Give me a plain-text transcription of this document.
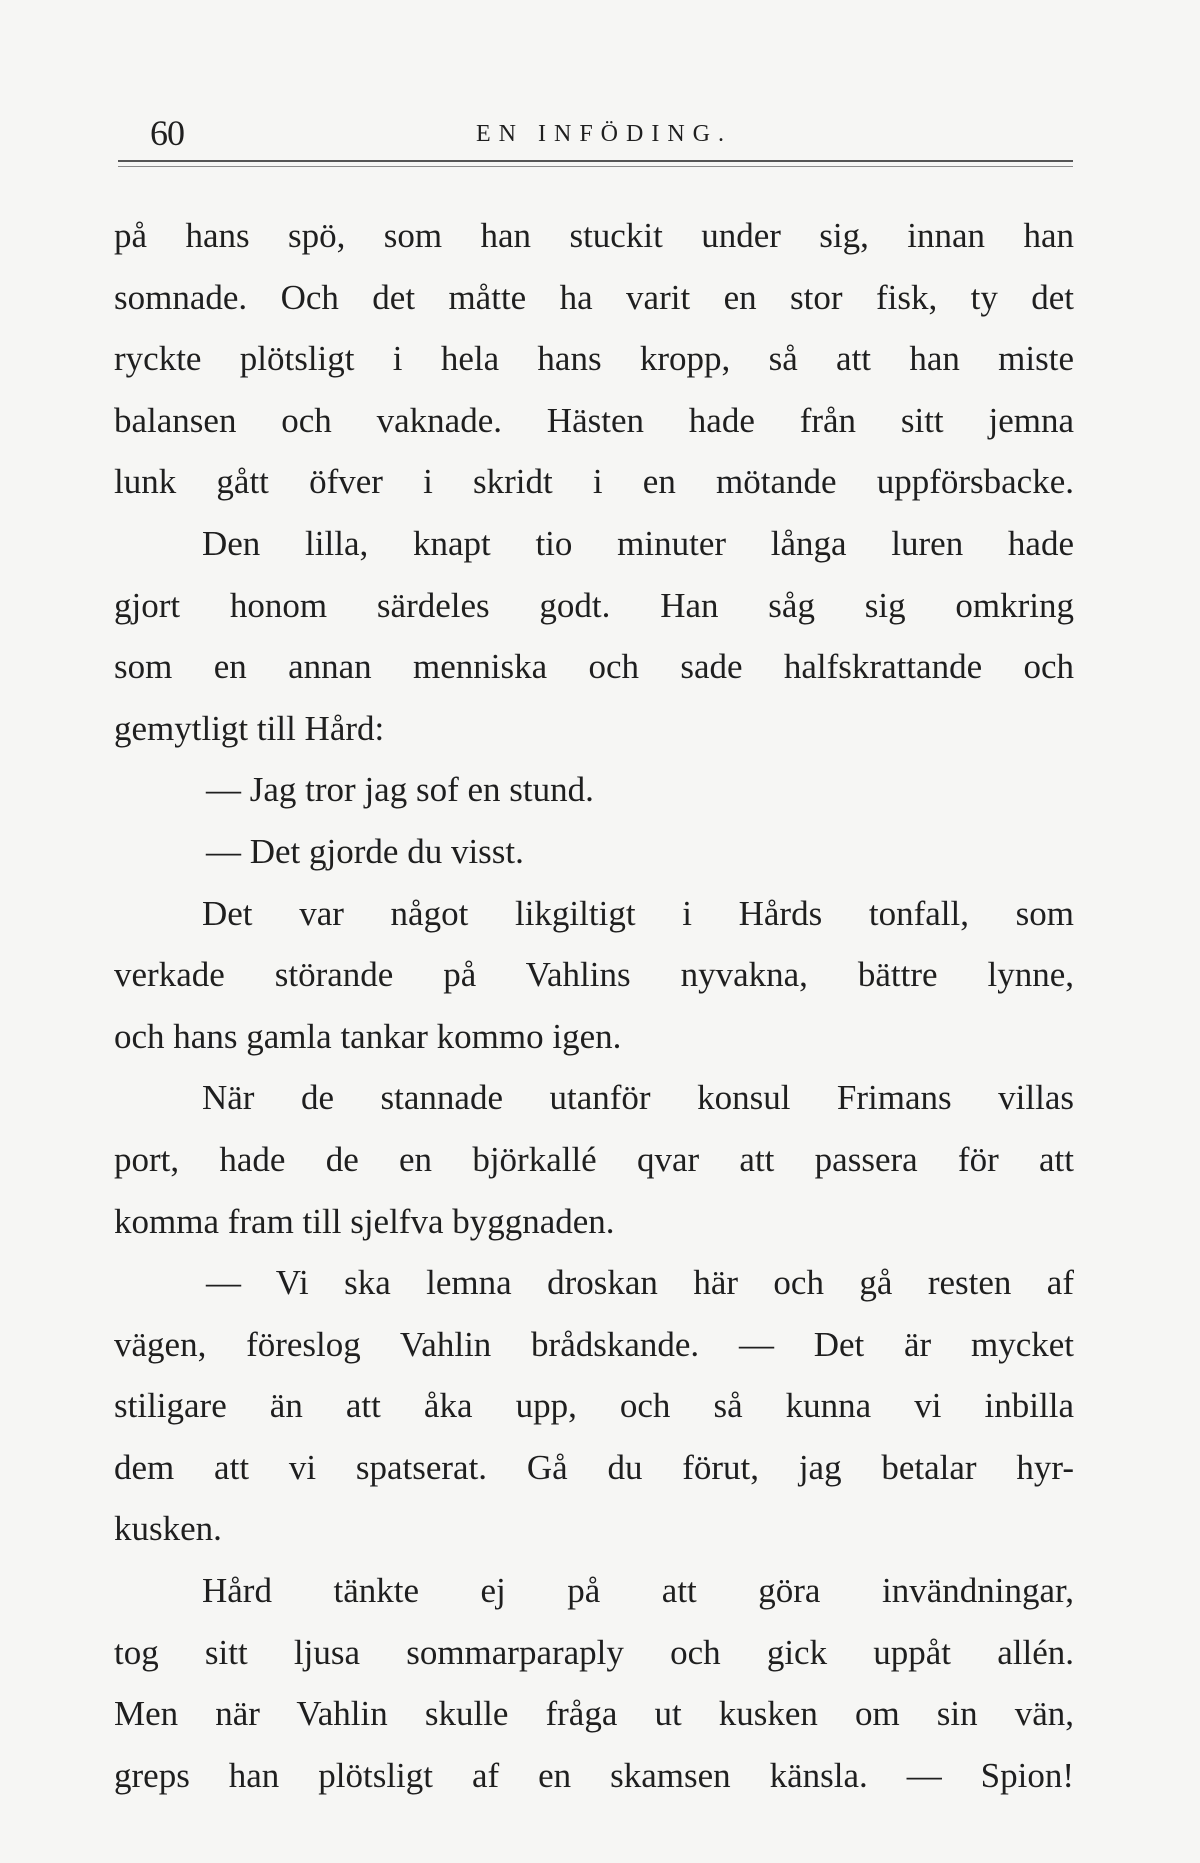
60	EN INFÖDING.
på hans spö, som han stuckit under sig, innan han
somnade. Och det måtte ha varit en stor fisk, ty det
ryckte plötsligt i hela hans kropp, så att han miste
balansen och vaknade. Hästen hade från sitt jemna
lunk gått öfver i skridt i en mötande uppförsbacke.
Den lilla, knapt tio minuter långa luren hade
gjort honom särdeles godt. Han såg sig omkring
som en annan menniska och sade halfskrattande och
gemytligt till Hård:
— Jag tror jag sof en stund.
— Det gjorde du visst.
Det var något likgiltigt i Hårds tonfall, som
verkade störande på Vahlins nyvakna, bättre lynne,
och hans gamla tankar kommo igen.
När de stannade utanför konsul Frimans villas
port, hade de en björkallé qvar att passera för att
komma fram till sjelfva byggnaden.
— Vi ska lemna droskan här och gå resten af
vägen, föreslog Vahlin brådskande. — Det är mycket
stiligare än att åka upp, och så kunna vi inbilla
dem att vi spatserat. Gå du förut, jag betalar hyr-
kusken.
Hård tänkte ej på att göra invändningar,
tog sitt ljusa sommarparaply och gick uppåt allén.
Men när Vahlin skulle fråga ut kusken om sin vän,
greps han plötsligt af en skamsen känsla. — Spion!
